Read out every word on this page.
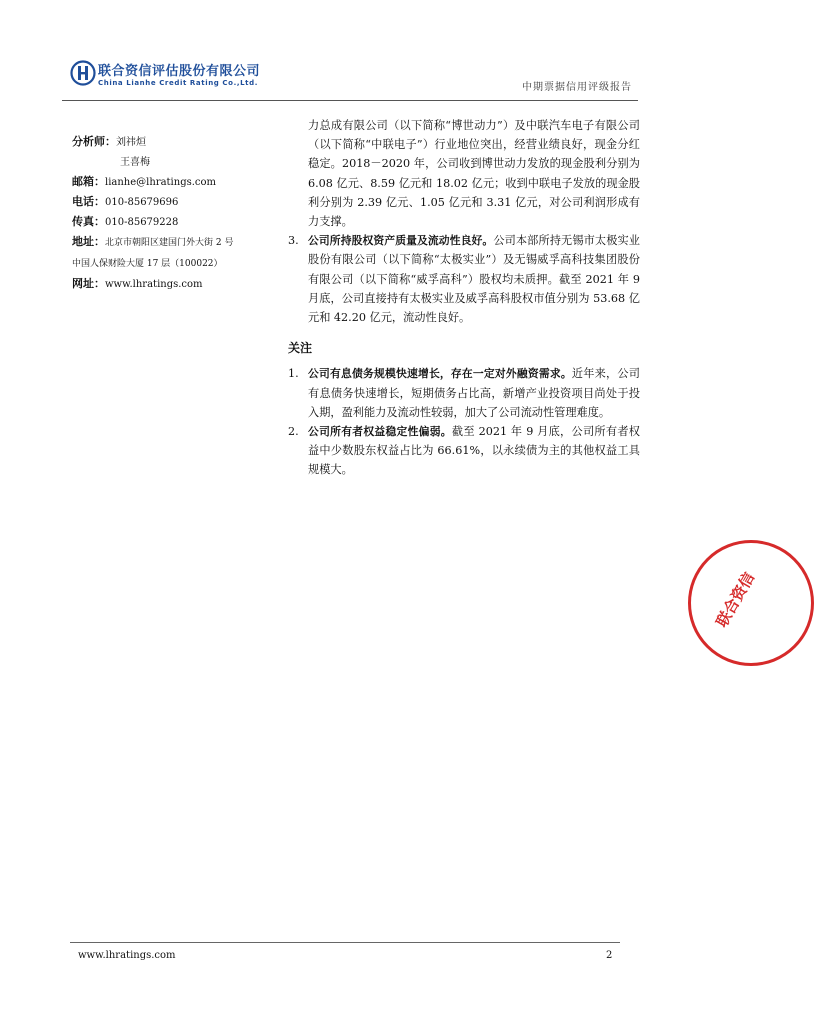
联合资信评估股份有限公司
China Lianhe Credit Rating Co.,Ltd.	中期票据信用评级报告
分析师：刘祎烜
王喜梅
邮箱：lianhe@lhratings.com
电话：010-85679696
传真：010-85679228
地址：北京市朝阳区建国门外大街 2 号
中国人保财险大厦 17 层（100022）
网址：www.lhratings.com

力总成有限公司（以下简称“博世动力”）及中联汽车电子有限公司（以下简称“中联电子”）行业地位突出，经营业绩良好，现金分红稳定。2018－2020 年，公司收到博世动力发放的现金股利分别为 6.08 亿元、8.59 亿元和 18.02 亿元；收到中联电子发放的现金股利分别为 2.39 亿元、1.05 亿元和 3.31 亿元，对公司利润形成有力支撑。

3. 公司所持股权资产质量及流动性良好。公司本部所持无锡市太极实业股份有限公司（以下简称“太极实业”）及无锡威孚高科技集团股份有限公司（以下简称“威孚高科”）股权均未质押。截至 2021 年 9 月底，公司直接持有太极实业及威孚高科股权市值分别为 53.68 亿元和 42.20 亿元，流动性良好。
关注
1. 公司有息债务规模快速增长，存在一定对外融资需求。近年来，公司有息债务快速增长，短期债务占比高，新增产业投资项目尚处于投入期，盈利能力及流动性较弱，加大了公司流动性管理难度。
2. 公司所有者权益稳定性偏弱。截至 2021 年 9 月底，公司所有者权益中少数股东权益占比为 66.61%，以永续债为主的其他权益工具规模大。
联合资信
www.lhratings.com	2
